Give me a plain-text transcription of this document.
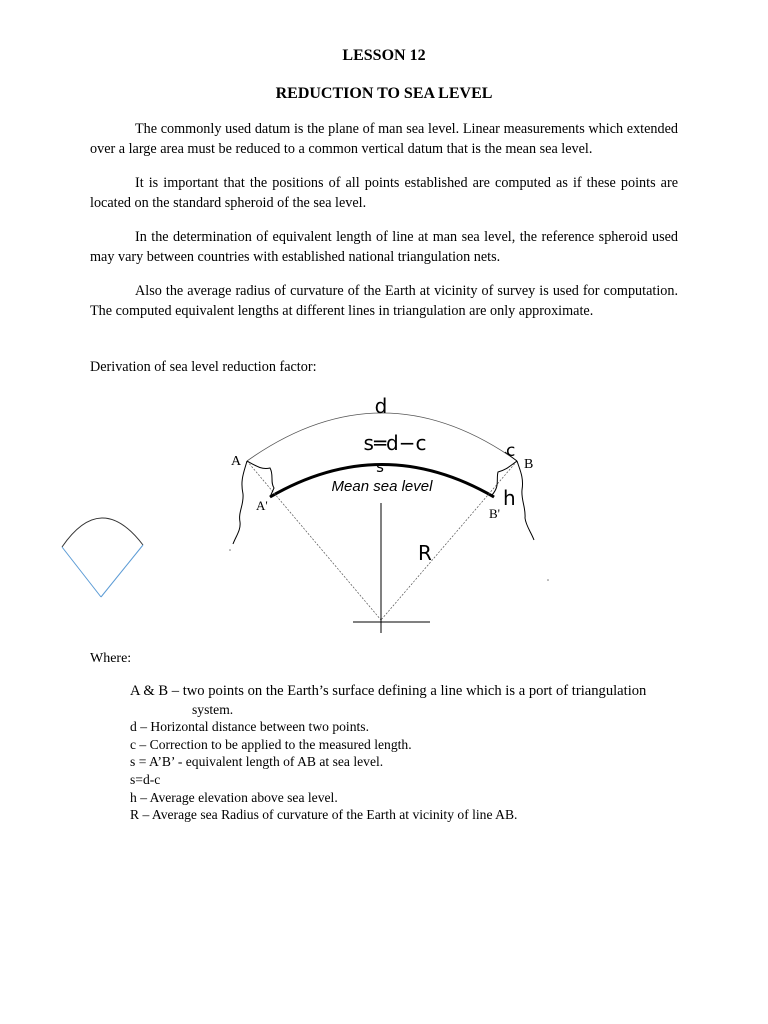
LESSON 12
REDUCTION TO SEA LEVEL

The commonly used datum is the plane of man sea level. Linear measurements which extended over a large area must be reduced to a common vertical datum that is the mean sea level.

It is important that the positions of all points established are computed as if these points are located on the standard spheroid of the sea level.

In the determination of equivalent length of line at man sea level, the reference spheroid used may vary between countries with established national triangulation nets.

Also the average radius of curvature of the Earth at vicinity of survey is used for computation. The computed equivalent lengths at different lines in triangulation are only approximate.

Derivation of sea level reduction factor:

d
s═d−c
s
Mean sea level
A
A'
B
B'
c
h
R
Where:
A & B – two points on the Earth’s surface defining a line which is a port of triangulation
system.
d – Horizontal distance between two points.
c – Correction to be applied to the measured length.
s = A’B’ - equivalent length of AB at sea level.
s=d-c
h – Average elevation above sea level.
R – Average sea Radius of curvature of the Earth at vicinity of line AB.
